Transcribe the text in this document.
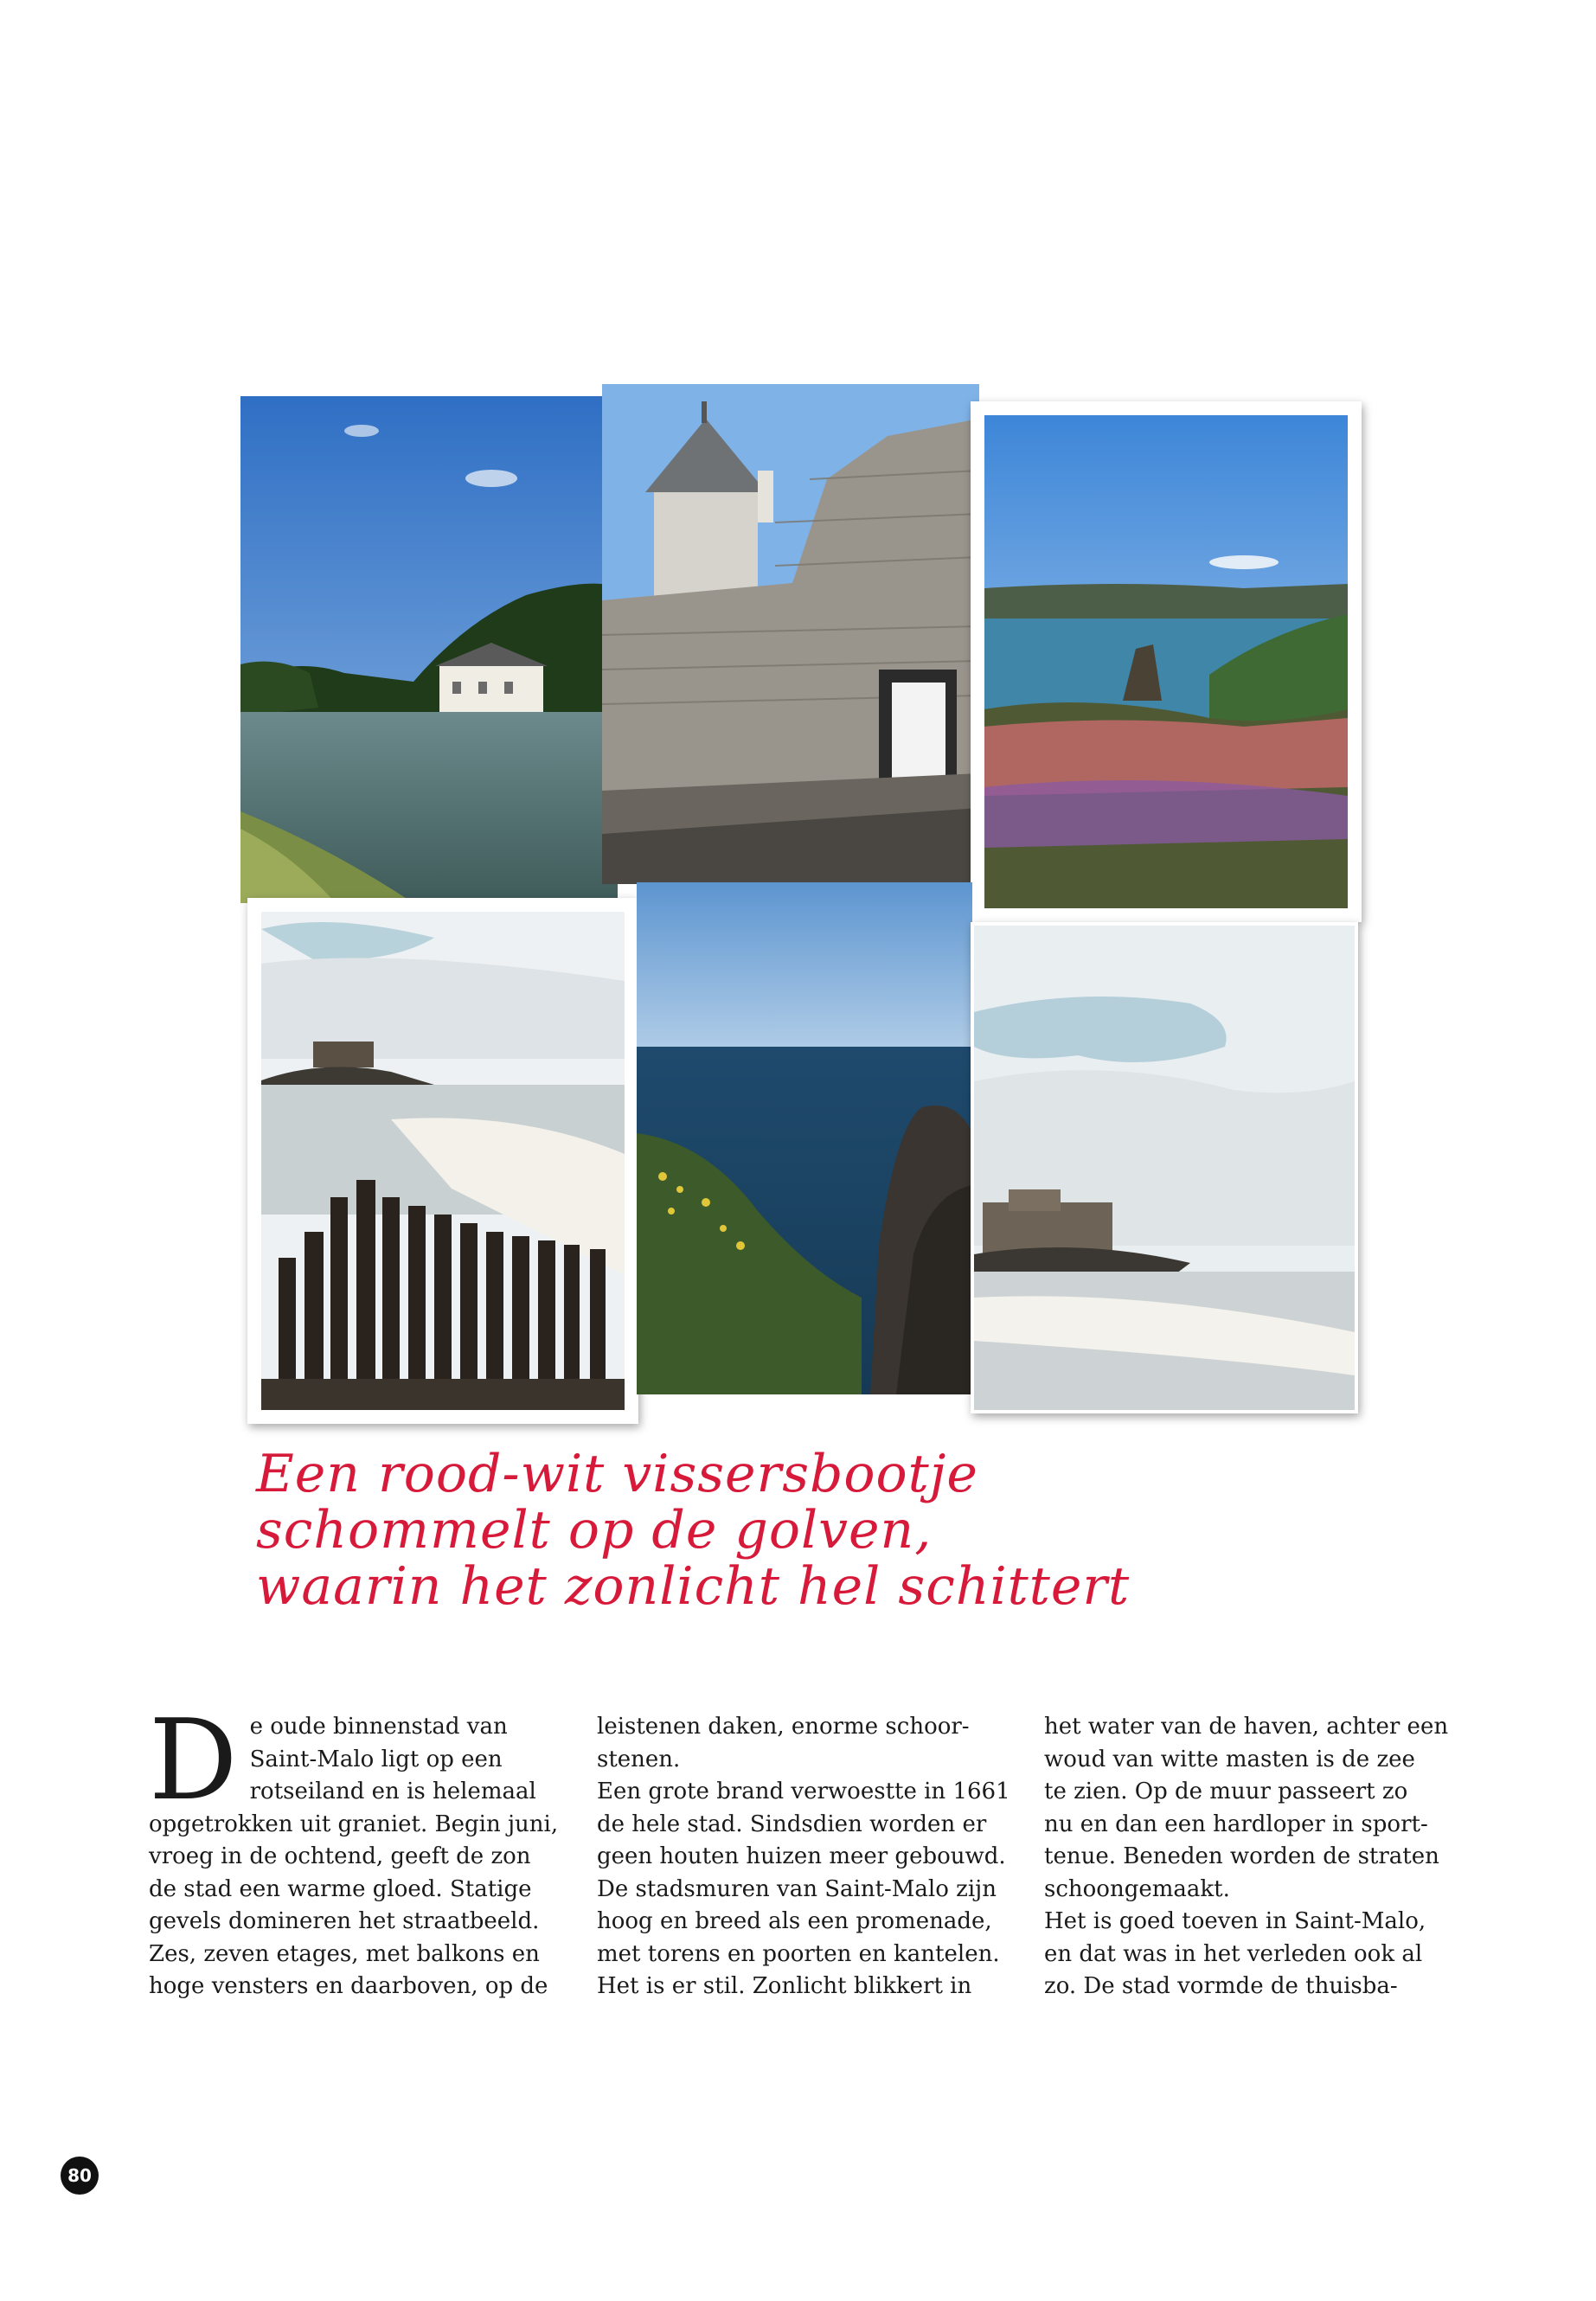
Een rood-wit vissersbootje
schommelt op de golven,
waarin het zonlicht hel schittert
D e oude binnenstad van
Saint-Malo ligt op een
rotseiland en is helemaal
opgetrokken uit graniet. Begin juni,
vroeg in de ochtend, geeft de zon
de stad een warme gloed. Statige
gevels domineren het straatbeeld.
Zes, zeven etages, met balkons en
hoge vensters en daarboven, op de
leistenen daken, enorme schoor-
stenen.
Een grote brand verwoestte in 1661
de hele stad. Sindsdien worden er
geen houten huizen meer gebouwd.
De stadsmuren van Saint-Malo zijn
hoog en breed als een promenade,
met torens en poorten en kantelen.
Het is er stil. Zonlicht blikkert in
het water van de haven, achter een
woud van witte masten is de zee
te zien. Op de muur passeert zo
nu en dan een hardloper in sport-
tenue. Beneden worden de straten
schoongemaakt.
Het is goed toeven in Saint-Malo,
en dat was in het verleden ook al
zo. De stad vormde de thuisba-
80
